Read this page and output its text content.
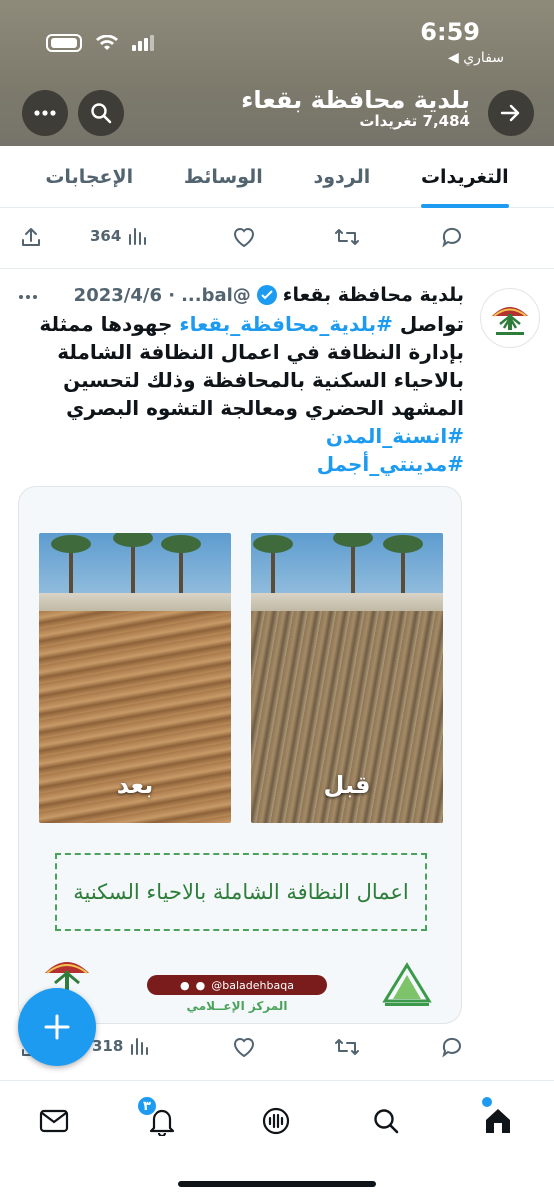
6:59
◀ سفاري
بلدية محافظة بقعاء
7,484 تغريدات
التغريدات
الردود
الوسائط
الإعجابات
364
بلدية محافظة بقعاء
@bal...
· 2023/4/6
تواصل #بلدية_محافظة_بقعاء جهودها ممثلة بإدارة النظافة في اعمال النظافة الشاملة بالاحياء السكنية بالمحافظة وذلك لتحسين المشهد الحضري ومعالجة التشوه البصري
#انسنة_المدن
#مدينتي_أجمل
بعد	قبل
اعمال النظافة الشاملة بالاحياء السكنية
● ● @baladehbaqa
المركز الإعــلامي
318
٣
